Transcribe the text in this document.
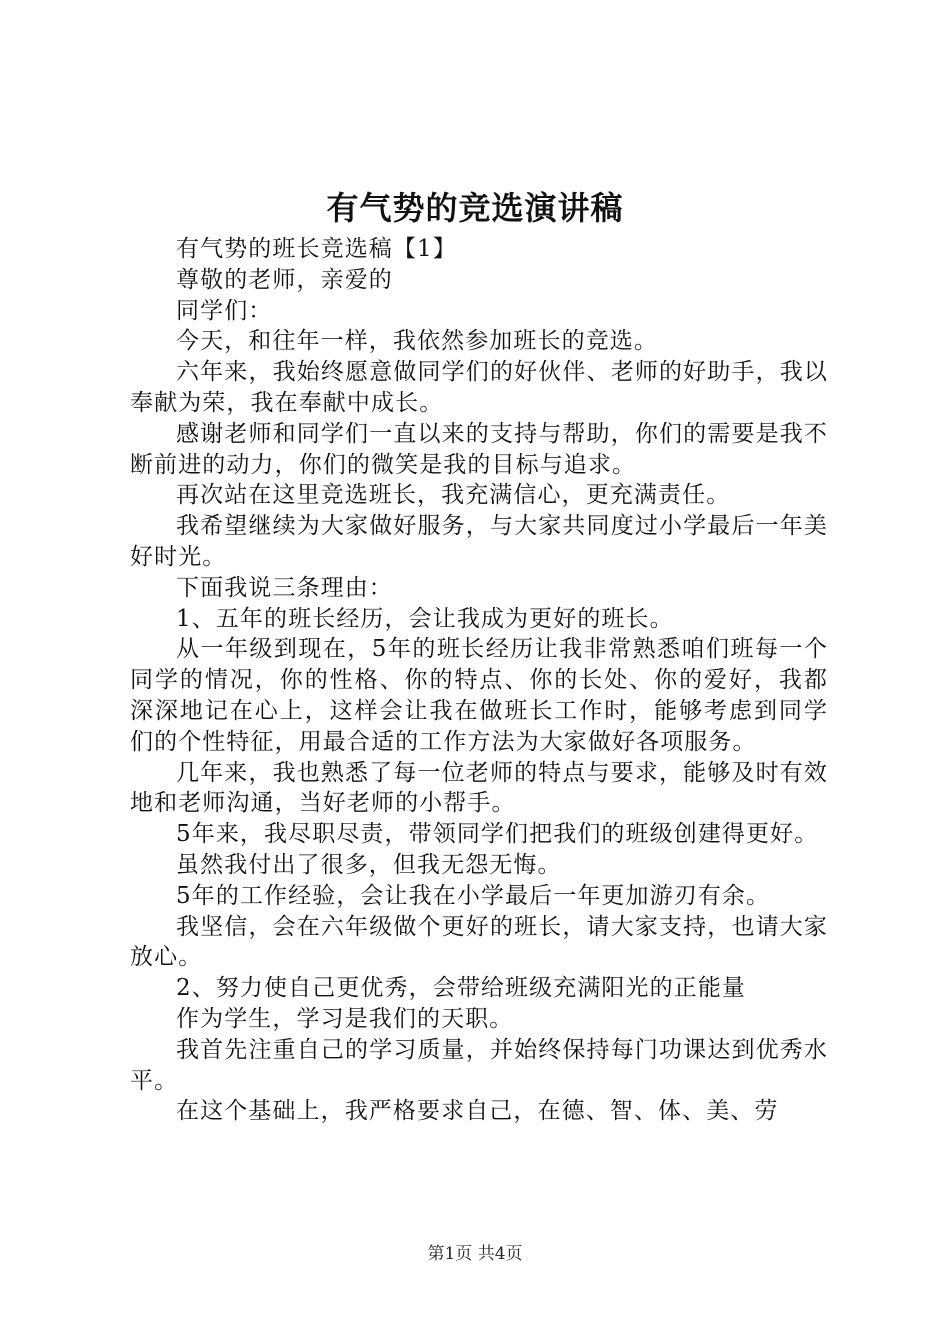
有气势的竞选演讲稿

有气势的班长竞选稿【1】

尊敬的老师，亲爱的

同学们：

今天，和往年一样，我依然参加班长的竞选。

六年来，我始终愿意做同学们的好伙伴、老师的好助手，我以奉献为荣，我在奉献中成长。

感谢老师和同学们一直以来的支持与帮助，你们的需要是我不断前进的动力，你们的微笑是我的目标与追求。

再次站在这里竞选班长，我充满信心，更充满责任。

我希望继续为大家做好服务，与大家共同度过小学最后一年美好时光。

下面我说三条理由：

1、五年的班长经历，会让我成为更好的班长。

从一年级到现在，5年的班长经历让我非常熟悉咱们班每一个同学的情况，你的性格、你的特点、你的长处、你的爱好，我都深深地记在心上，这样会让我在做班长工作时，能够考虑到同学们的个性特征，用最合适的工作方法为大家做好各项服务。

几年来，我也熟悉了每一位老师的特点与要求，能够及时有效地和老师沟通，当好老师的小帮手。

5年来，我尽职尽责，带领同学们把我们的班级创建得更好。

虽然我付出了很多，但我无怨无悔。

5年的工作经验，会让我在小学最后一年更加游刃有余。

我坚信，会在六年级做个更好的班长，请大家支持，也请大家放心。

2、努力使自己更优秀，会带给班级充满阳光的正能量

作为学生，学习是我们的天职。

我首先注重自己的学习质量，并始终保持每门功课达到优秀水平。

在这个基础上，我严格要求自己，在德、智、体、美、劳

第1页 共4页
